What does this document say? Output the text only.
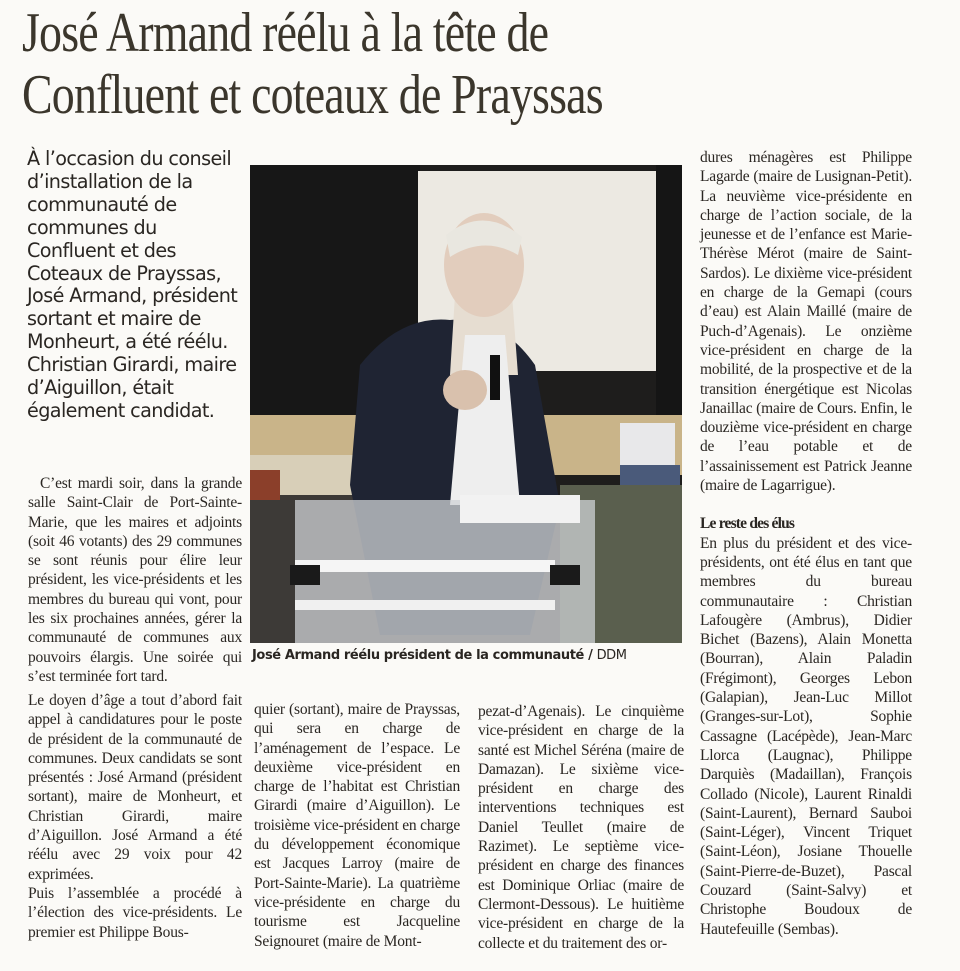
José Armand réélu à la tête de
Confluent et coteaux de Prayssas
À l’occasion du conseil d’installation de la communauté de communes du Confluent et des Coteaux de Prayssas, José Armand, président sortant et maire de Monheurt, a été réélu. Christian Girardi, maire d’Aiguillon, était également candidat.

C’est mardi soir, dans la grande salle Saint-Clair de Port-Sainte-Marie, que les maires et adjoints (soit 46 votants) des 29 communes se sont réunis pour élire leur président, les vice-présidents et les membres du bureau qui vont, pour les six prochaines années, gérer la communauté de communes aux pouvoirs élargis. Une soirée qui s’est terminée fort tard.

Le doyen d’âge a tout d’abord fait appel à candidatures pour le poste de président de la communauté de communes. Deux candidats se sont présentés : José Armand (président sortant), maire de Monheurt, et Christian Girardi, maire d’Aiguillon. José Armand a été réélu avec 29 voix pour 42 exprimées.

Puis l’assemblée a procédé à l’élection des vice-présidents. Le premier est Philippe Bous-

José Armand réélu président de la communauté / DDM

quier (sortant), maire de Prayssas, qui sera en charge de l’aménagement de l’espace. Le deuxième vice-président en charge de l’habitat est Christian Girardi (maire d’Aiguillon). Le troisième vice-président en charge du développement économique est Jacques Larroy (maire de Port-Sainte-Marie). La quatrième vice-présidente en charge du tourisme est Jacqueline Seignouret (maire de Mont-

pezat-d’Agenais). Le cinquième vice-président en charge de la santé est Michel Séréna (maire de Damazan). Le sixième vice-président en charge des interventions techniques est Daniel Teullet (maire de Razimet). Le septième vice-président en charge des finances est Dominique Orliac (maire de Clermont-Dessous). Le huitième vice-président en charge de la collecte et du traitement des or-

dures ménagères est Philippe Lagarde (maire de Lusignan-Petit). La neuvième vice-présidente en charge de l’action sociale, de la jeunesse et de l’enfance est Marie-Thérèse Mérot (maire de Saint-Sardos). Le dixième vice-président en charge de la Gemapi (cours d’eau) est Alain Maillé (maire de Puch-d’Agenais). Le onzième vice-président en charge de la mobilité, de la prospective et de la transition énergétique est Nicolas Janaillac (maire de Cours. Enfin, le douzième vice-président en charge de l’eau potable et de l’assainissement est Patrick Jeanne (maire de Lagarrigue).

Le reste des élus

En plus du président et des vice-présidents, ont été élus en tant que membres du bureau communautaire : Christian Lafougère (Ambrus), Didier Bichet (Bazens), Alain Monetta (Bourran), Alain Paladin (Frégimont), Georges Lebon (Galapian), Jean-Luc Millot (Granges-sur-Lot), Sophie Cassagne (Lacépède), Jean-Marc Llorca (Laugnac), Philippe Darquiès (Madaillan), François Collado (Nicole), Laurent Rinaldi (Saint-Laurent), Bernard Sauboi (Saint-Léger), Vincent Triquet (Saint-Léon), Josiane Thouelle (Saint-Pierre-de-Buzet), Pascal Couzard (Saint-Salvy) et Christophe Boudoux de Hautefeuille (Sembas).
